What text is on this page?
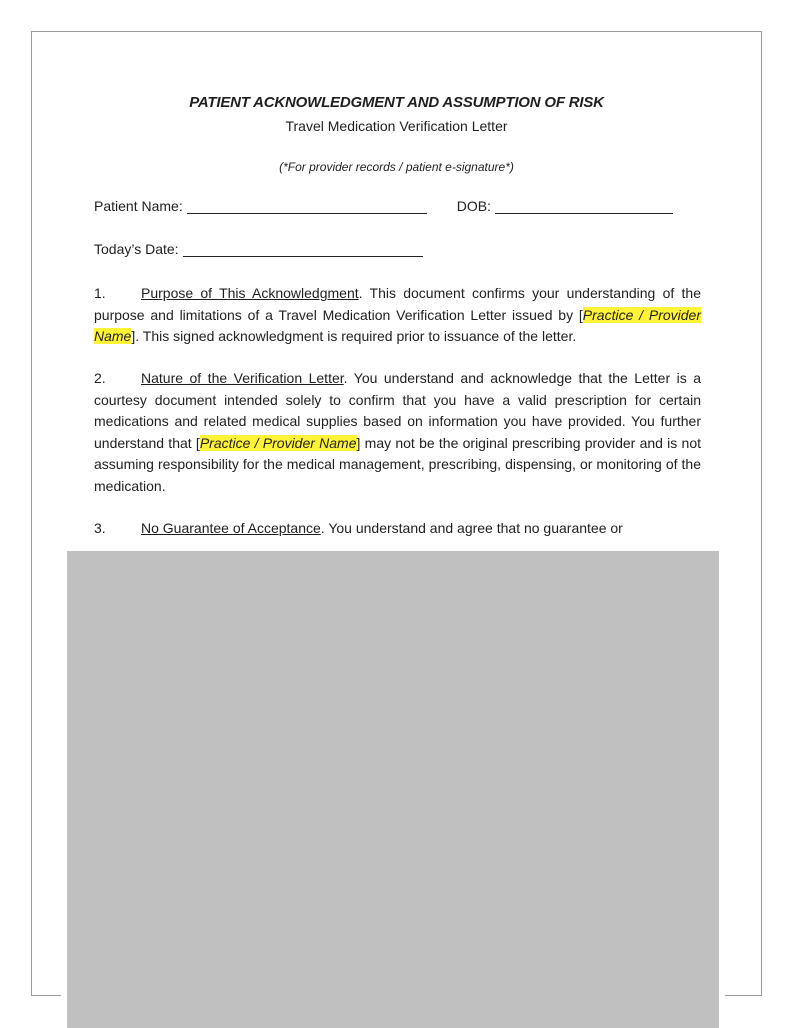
PATIENT ACKNOWLEDGMENT AND ASSUMPTION OF RISK
Travel Medication Verification Letter
(*For provider records / patient e-signature*)
Patient Name:	DOB:
Today’s Date:
1.	Purpose of This Acknowledgment. This document confirms your understanding of the purpose and limitations of a Travel Medication Verification Letter issued by [Practice / Provider Name]. This signed acknowledgment is required prior to issuance of the letter.
2.	Nature of the Verification Letter. You understand and acknowledge that the Letter is a courtesy document intended solely to confirm that you have a valid prescription for certain medications and related medical supplies based on information you have provided. You further understand that [Practice / Provider Name] may not be the original prescribing provider and is not assuming responsibility for the medical management, prescribing, dispensing, or monitoring of the medication.
3.	No Guarantee of Acceptance. You understand and agree that no guarantee or
